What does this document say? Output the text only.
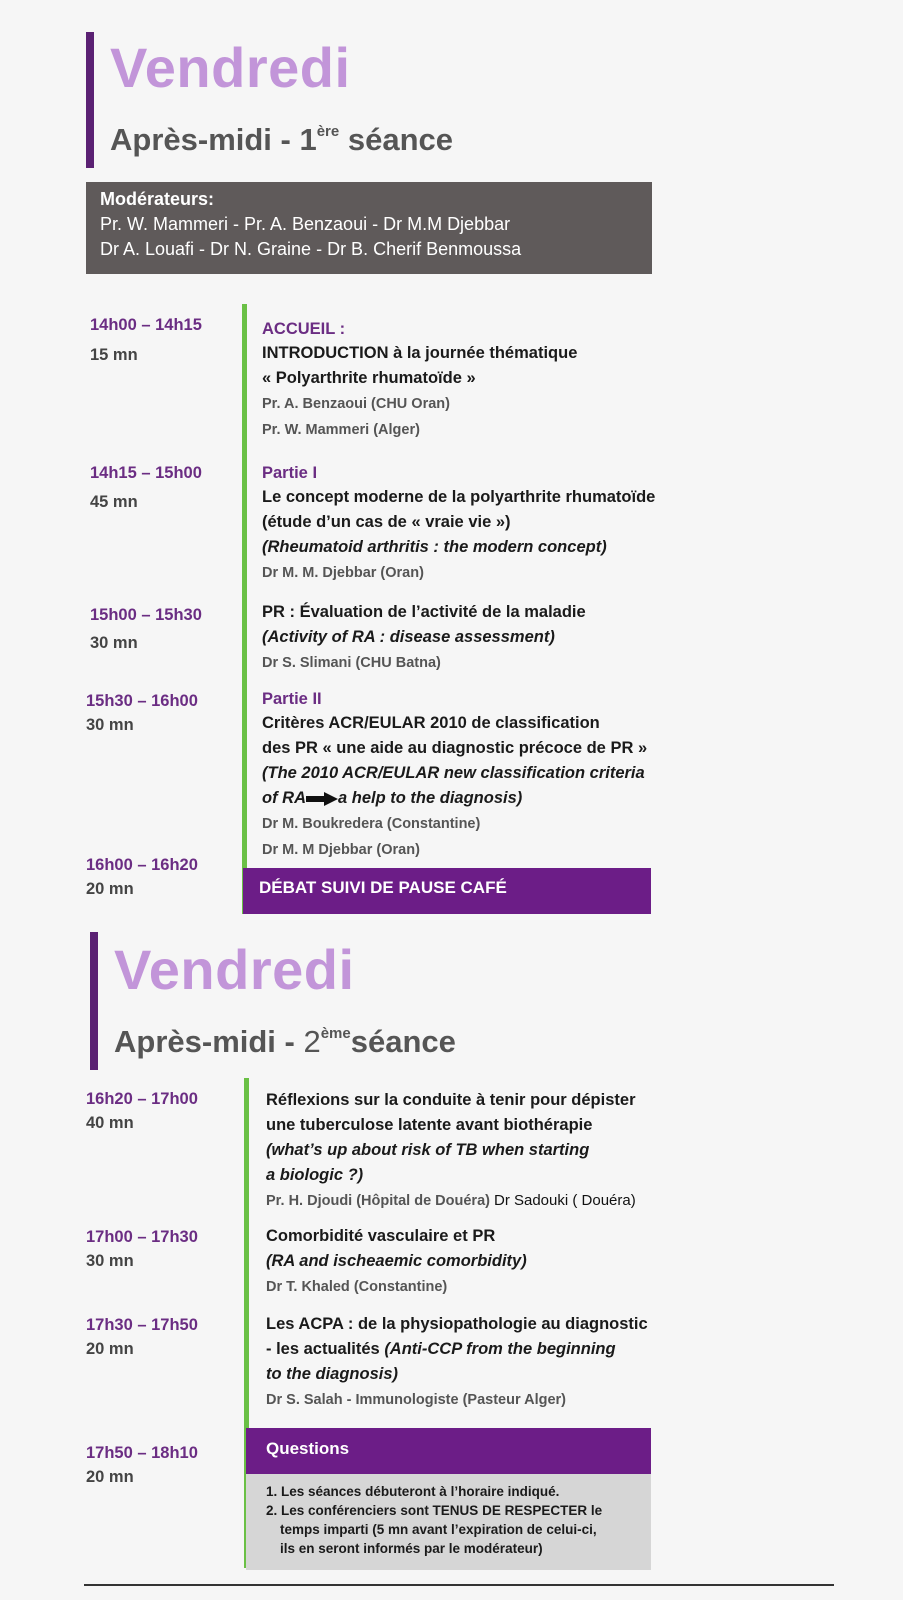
Vendredi
Après-midi - 1ère séance
Modérateurs:
Pr. W. Mammeri - Pr. A. Benzaoui - Dr M.M Djebbar
Dr A. Louafi - Dr N. Graine - Dr B. Cherif Benmoussa
14h00 – 14h15
15 mn
ACCUEIL :
INTRODUCTION à la journée thématique
« Polyarthrite rhumatoïde »
Pr. A. Benzaoui (CHU Oran)
Pr. W. Mammeri (Alger)
14h15 – 15h00
45 mn
Partie I
Le concept moderne de la polyarthrite rhumatoïde
(étude d’un cas de « vraie vie »)
(Rheumatoid arthritis : the modern concept)
Dr M. M. Djebbar (Oran)
15h00 – 15h30
30 mn
PR : Évaluation de l’activité de la maladie
(Activity of RA : disease assessment)
Dr S. Slimani (CHU Batna)
15h30 – 16h00
30 mn
Partie II
Critères ACR/EULAR 2010 de classification
des PR « une aide au diagnostic précoce de PR »
(The 2010 ACR/EULAR new classification criteria
of RA a help to the diagnosis)
Dr M. Boukredera (Constantine)
Dr M. M Djebbar (Oran)
16h00 – 16h20
20 mn	DÉBAT SUIVI DE PAUSE CAFÉ
Vendredi
Après-midi - 2èmeséance
16h20 – 17h00
40 mn
Réflexions sur la conduite à tenir pour dépister
une tuberculose latente avant biothérapie
(what’s up about risk of TB when starting
a biologic ?)
Pr. H. Djoudi (Hôpital de Douéra) Dr Sadouki ( Douéra)
17h00 – 17h30
30 mn
Comorbidité vasculaire et PR
(RA and ischeaemic comorbidity)
Dr T. Khaled (Constantine)
17h30 – 17h50
20 mn
Les ACPA : de la physiopathologie au diagnostic
- les actualités (Anti-CCP from the beginning
to the diagnosis)
Dr S. Salah - Immunologiste (Pasteur Alger)
17h50 – 18h10
20 mn
Questions
1. Les séances débuteront à l’horaire indiqué.
2. Les conférenciers sont TENUS DE RESPECTER le
temps imparti (5 mn avant l’expiration de celui-ci,
ils en seront informés par le modérateur)
